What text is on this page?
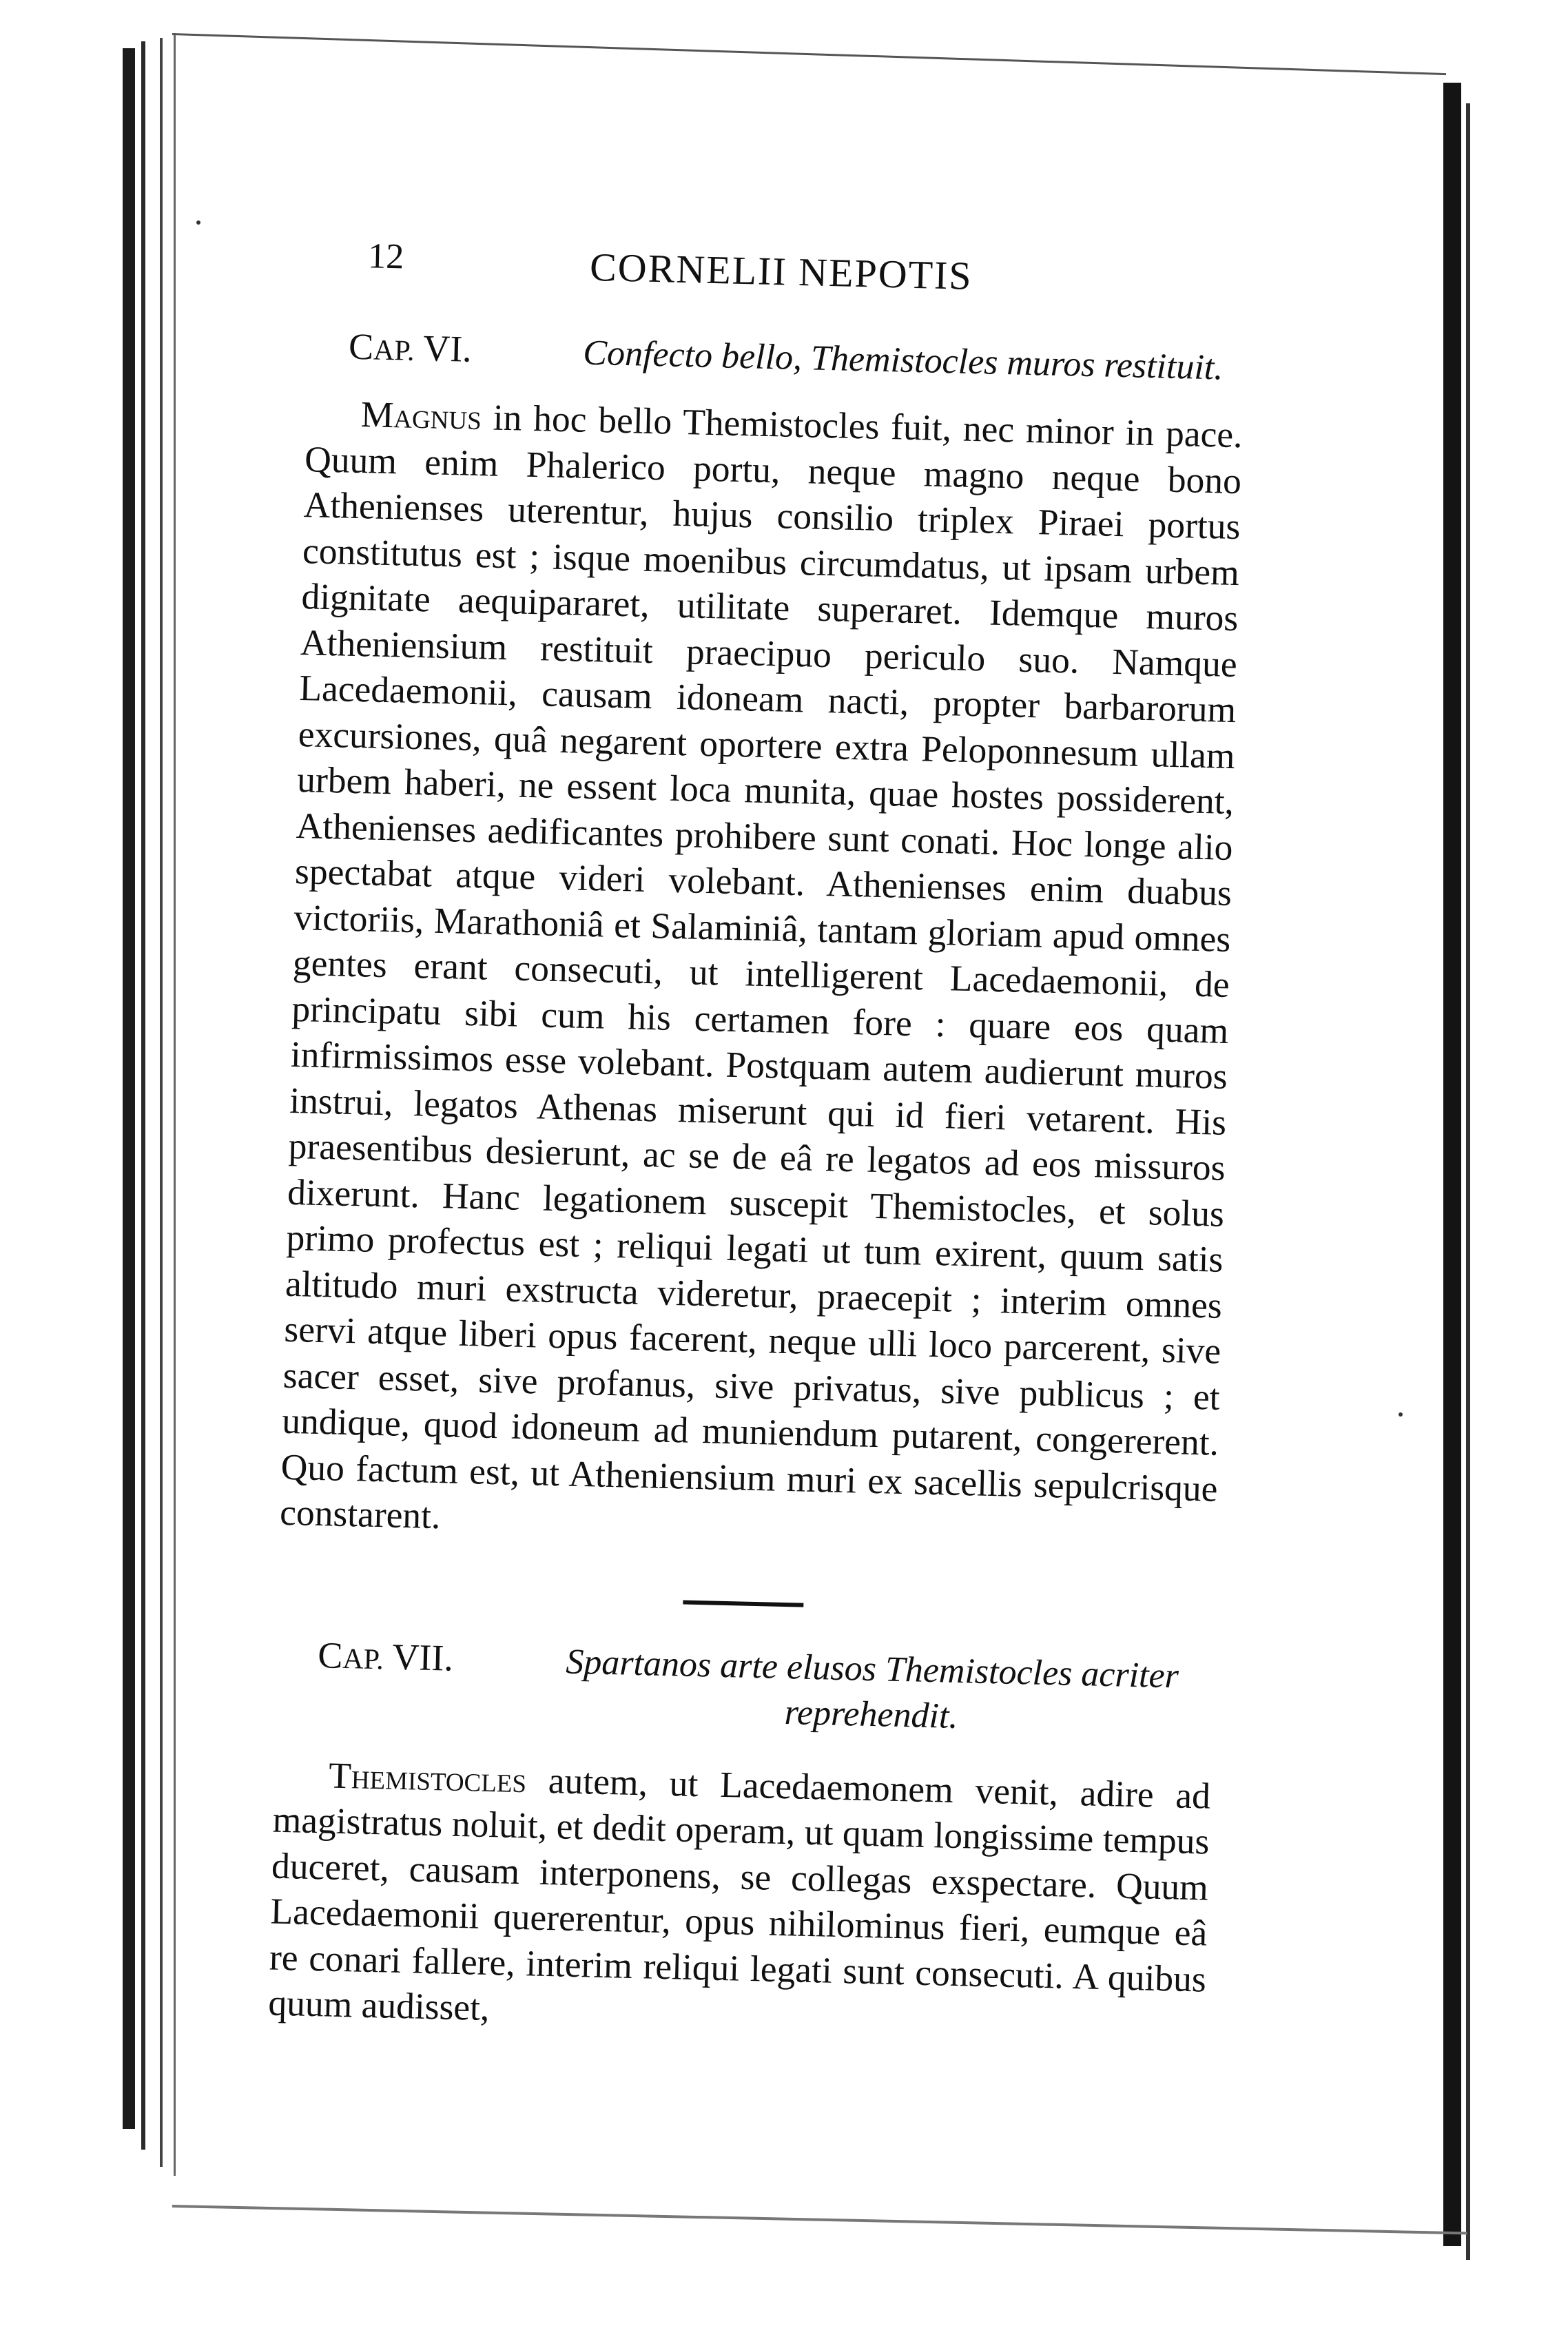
12	CORNELII NEPOTIS
CAP. VI.	Confecto bello, Themistocles muros restituit.

Magnus in hoc bello Themistocles fuit, nec minor in pace. Quum enim Phalerico portu, neque magno neque bono Athenienses uterentur, hujus consilio triplex Piraei portus constitutus est ; isque moenibus circumdatus, ut ipsam urbem dignitate aequipararet, utilitate superaret. Idemque muros Atheniensium restituit praecipuo periculo suo. Namque Lacedaemonii, causam idoneam nacti, propter barbarorum excursiones, quâ negarent oportere extra Peloponnesum ullam urbem haberi, ne essent loca munita, quae hostes possiderent, Athenienses aedificantes prohibere sunt conati. Hoc longe alio spectabat atque videri volebant. Athenienses enim duabus victoriis, Marathoniâ et Salaminiâ, tantam gloriam apud omnes gentes erant consecuti, ut intelligerent Lacedaemonii, de principatu sibi cum his certamen fore : quare eos quam infirmissimos esse volebant. Postquam autem audierunt muros instrui, legatos Athenas miserunt qui id fieri vetarent. His praesentibus desierunt, ac se de eâ re legatos ad eos missuros dixerunt. Hanc legationem suscepit Themistocles, et solus primo profectus est ; reliqui legati ut tum exirent, quum satis altitudo muri exstructa videretur, praecepit ; interim omnes servi atque liberi opus facerent, neque ulli loco parcerent, sive sacer esset, sive profanus, sive privatus, sive publicus ; et undique, quod idoneum ad muniendum putarent, congererent. Quo factum est, ut Atheniensium muri ex sacellis sepulcrisque constarent.

CAP. VII.	Spartanos arte elusos Themistocles acriter reprehendit.

Themistocles autem, ut Lacedaemonem venit, adire ad magistratus noluit, et dedit operam, ut quam longissime tempus duceret, causam interponens, se collegas exspectare. Quum Lacedaemonii quererentur, opus nihilominus fieri, eumque eâ re conari fallere, interim reliqui legati sunt consecuti. A quibus quum audisset,
